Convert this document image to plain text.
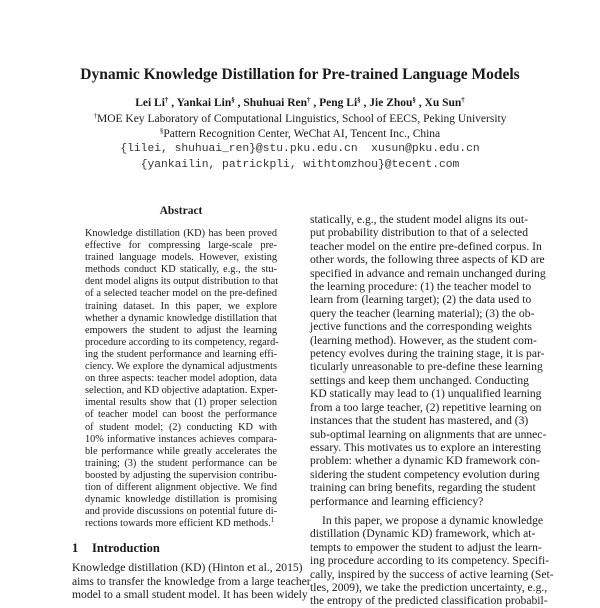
Dynamic Knowledge Distillation for Pre-trained Language Models
Lei Li† , Yankai Lin§ , Shuhuai Ren† , Peng Li§ , Jie Zhou§ , Xu Sun†
†MOE Key Laboratory of Computational Linguistics, School of EECS, Peking University
§Pattern Recognition Center, WeChat AI, Tencent Inc., China
{lilei, shuhuai_ren}@stu.pku.edu.cn  xusun@pku.edu.cn
{yankailin, patrickpli, withtomzhou}@tecent.com
Abstract
Knowledge distillation (KD) has been proved
effective for compressing large-scale pre-
trained language models. However, existing
methods conduct KD statically, e.g., the stu-
dent model aligns its output distribution to that
of a selected teacher model on the pre-defined
training dataset. In this paper, we explore
whether a dynamic knowledge distillation that
empowers the student to adjust the learning
procedure according to its competency, regard-
ing the student performance and learning effi-
ciency. We explore the dynamical adjustments
on three aspects: teacher model adoption, data
selection, and KD objective adaptation. Exper-
imental results show that (1) proper selection
of teacher model can boost the performance
of student model; (2) conducting KD with
10% informative instances achieves compara-
ble performance while greatly accelerates the
training; (3) the student performance can be
boosted by adjusting the supervision contribu-
tion of different alignment objective. We find
dynamic knowledge distillation is promising
and provide discussions on potential future di-
rections towards more efficient KD methods.$^1$
1 Introduction
Knowledge distillation (KD) (Hinton et al., 2015)
aims to transfer the knowledge from a large teacher
model to a small student model. It has been widely
statically, e.g., the student model aligns its out-
put probability distribution to that of a selected
teacher model on the entire pre-defined corpus. In
other words, the following three aspects of KD are
specified in advance and remain unchanged during
the learning procedure: (1) the teacher model to
learn from (learning target); (2) the data used to
query the teacher (learning material); (3) the ob-
jective functions and the corresponding weights
(learning method). However, as the student com-
petency evolves during the training stage, it is par-
ticularly unreasonable to pre-define these learning
settings and keep them unchanged. Conducting
KD statically may lead to (1) unqualified learning
from a too large teacher, (2) repetitive learning on
instances that the student has mastered, and (3)
sub-optimal learning on alignments that are unnec-
essary. This motivates us to explore an interesting
problem: whether a dynamic KD framework con-
sidering the student competency evolution during
training can bring benefits, regarding the student
performance and learning efficiency?
In this paper, we propose a dynamic knowledge
distillation (Dynamic KD) framework, which at-
tempts to empower the student to adjust the learn-
ing procedure according to its competency. Specifi-
cally, inspired by the success of active learning (Set-
tles, 2009), we take the prediction uncertainty, e.g.,
the entropy of the predicted classification probabil-
